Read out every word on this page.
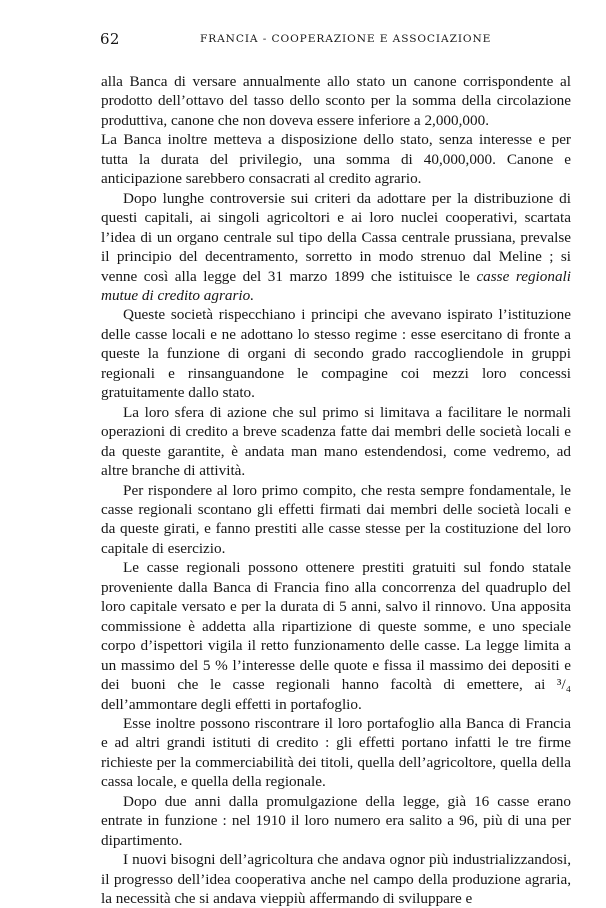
62	FRANCIA - COOPERAZIONE E ASSOCIAZIONE

alla Banca di versare annualmente allo stato un canone corrispondente al prodotto dell’ottavo del tasso dello sconto per la somma della circolazione produttiva, canone che non doveva essere inferiore a 2,000,000.

La Banca inoltre metteva a disposizione dello stato, senza interesse e per tutta la durata del privilegio, una somma di 40,000,000. Canone e anticipazione sarebbero consacrati al credito agrario.

Dopo lunghe controversie sui criteri da adottare per la distribuzione di questi capitali, ai singoli agricoltori e ai loro nuclei cooperativi, scartata l’idea di un organo centrale sul tipo della Cassa centrale prussiana, prevalse il principio del decentramento, sorretto in modo strenuo dal Meline ; si venne così alla legge del 31 marzo 1899 che istituisce le casse regionali mutue di credito agrario.

Queste società rispecchiano i principi che avevano ispirato l’istituzione delle casse locali e ne adottano lo stesso regime : esse esercitano di fronte a queste la funzione di organi di secondo grado raccogliendole in gruppi regionali e rinsanguandone le compagine coi mezzi loro concessi gratuitamente dallo stato.

La loro sfera di azione che sul primo si limitava a facilitare le normali operazioni di credito a breve scadenza fatte dai membri delle società locali e da queste garantite, è andata man mano estendendosi, come vedremo, ad altre branche di attività.

Per rispondere al loro primo compito, che resta sempre fondamentale, le casse regionali scontano gli effetti firmati dai membri delle società locali e da queste girati, e fanno prestiti alle casse stesse per la costituzione del loro capitale di esercizio.

Le casse regionali possono ottenere prestiti gratuiti sul fondo statale proveniente dalla Banca di Francia fino alla concorrenza del quadruplo del loro capitale versato e per la durata di 5 anni, salvo il rinnovo. Una apposita commissione è addetta alla ripartizione di queste somme, e uno speciale corpo d’ispettori vigila il retto funzionamento delle casse. La legge limita a un massimo del 5 % l’interesse delle quote e fissa il massimo dei depositi e dei buoni che le casse regionali hanno facoltà di emettere, ai ³/₄ dell’ammontare degli effetti in portafoglio.

Esse inoltre possono riscontrare il loro portafoglio alla Banca di Francia e ad altri grandi istituti di credito : gli effetti portano infatti le tre firme richieste per la commerciabilità dei titoli, quella dell’agricoltore, quella della cassa locale, e quella della regionale.

Dopo due anni dalla promulgazione della legge, già 16 casse erano entrate in funzione : nel 1910 il loro numero era salito a 96, più di una per dipartimento.

I nuovi bisogni dell’agricoltura che andava ognor più industrializzandosi, il progresso dell’idea cooperativa anche nel campo della produzione agraria, la necessità che si andava vieppiù affermando di sviluppare e
